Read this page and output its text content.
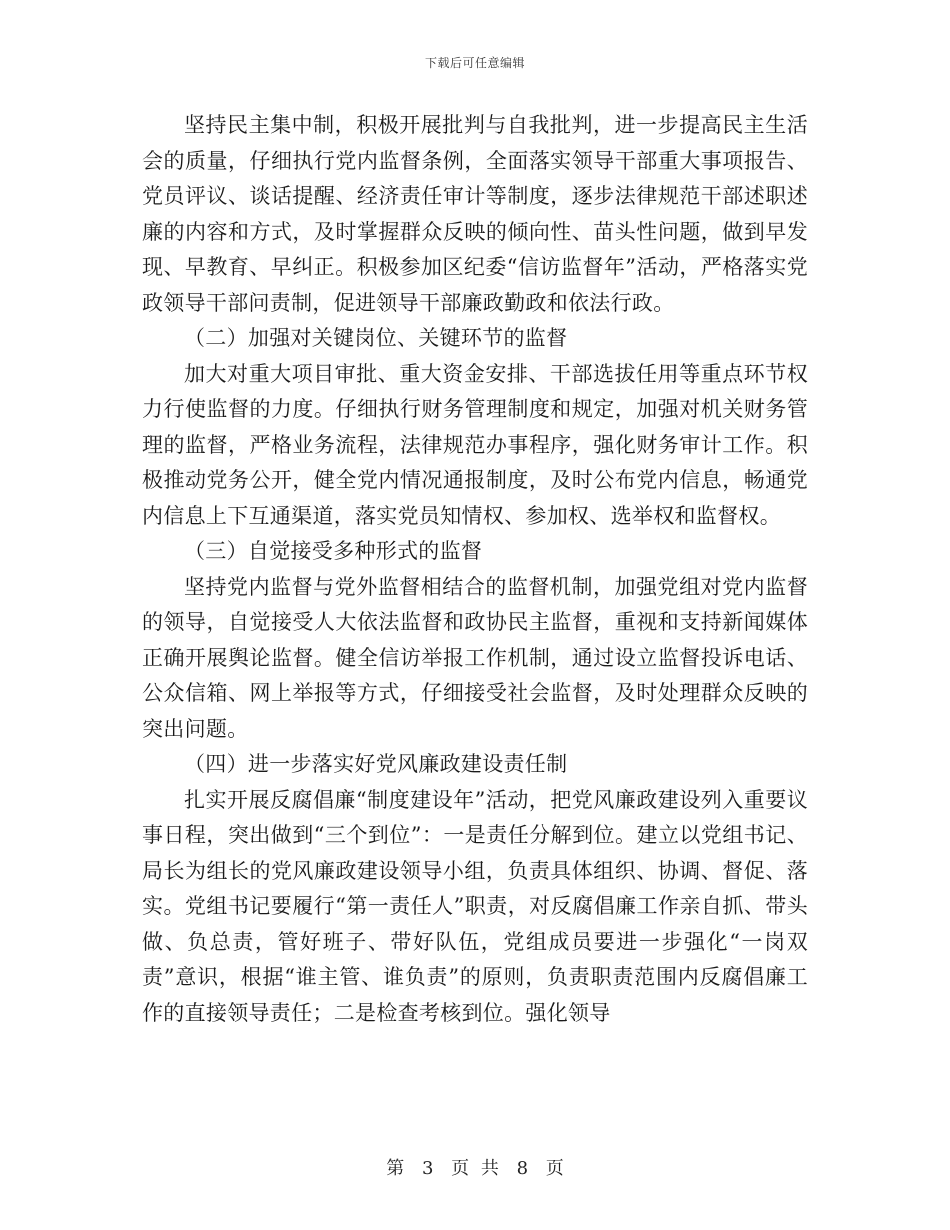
下载后可任意编辑

坚持民主集中制，积极开展批判与自我批判，进一步提高民主生活会的质量，仔细执行党内监督条例，全面落实领导干部重大事项报告、党员评议、谈话提醒、经济责任审计等制度，逐步法律规范干部述职述廉的内容和方式，及时掌握群众反映的倾向性、苗头性问题，做到早发现、早教育、早纠正。积极参加区纪委“信访监督年”活动，严格落实党政领导干部问责制，促进领导干部廉政勤政和依法行政。

（二）加强对关键岗位、关键环节的监督

加大对重大项目审批、重大资金安排、干部选拔任用等重点环节权力行使监督的力度。仔细执行财务管理制度和规定，加强对机关财务管理的监督，严格业务流程，法律规范办事程序，强化财务审计工作。积极推动党务公开，健全党内情况通报制度，及时公布党内信息，畅通党内信息上下互通渠道，落实党员知情权、参加权、选举权和监督权。

（三）自觉接受多种形式的监督

坚持党内监督与党外监督相结合的监督机制，加强党组对党内监督的领导，自觉接受人大依法监督和政协民主监督，重视和支持新闻媒体正确开展舆论监督。健全信访举报工作机制，通过设立监督投诉电话、公众信箱、网上举报等方式，仔细接受社会监督，及时处理群众反映的突出问题。

（四）进一步落实好党风廉政建设责任制

扎实开展反腐倡廉“制度建设年”活动，把党风廉政建设列入重要议事日程，突出做到“三个到位”：一是责任分解到位。建立以党组书记、局长为组长的党风廉政建设领导小组，负责具体组织、协调、督促、落实。党组书记要履行“第一责任人”职责，对反腐倡廉工作亲自抓、带头做、负总责，管好班子、带好队伍，党组成员要进一步强化“一岗双责”意识，根据“谁主管、谁负责”的原则，负责职责范围内反腐倡廉工作的直接领导责任；二是检查考核到位。强化领导

第 3 页 共 8 页
